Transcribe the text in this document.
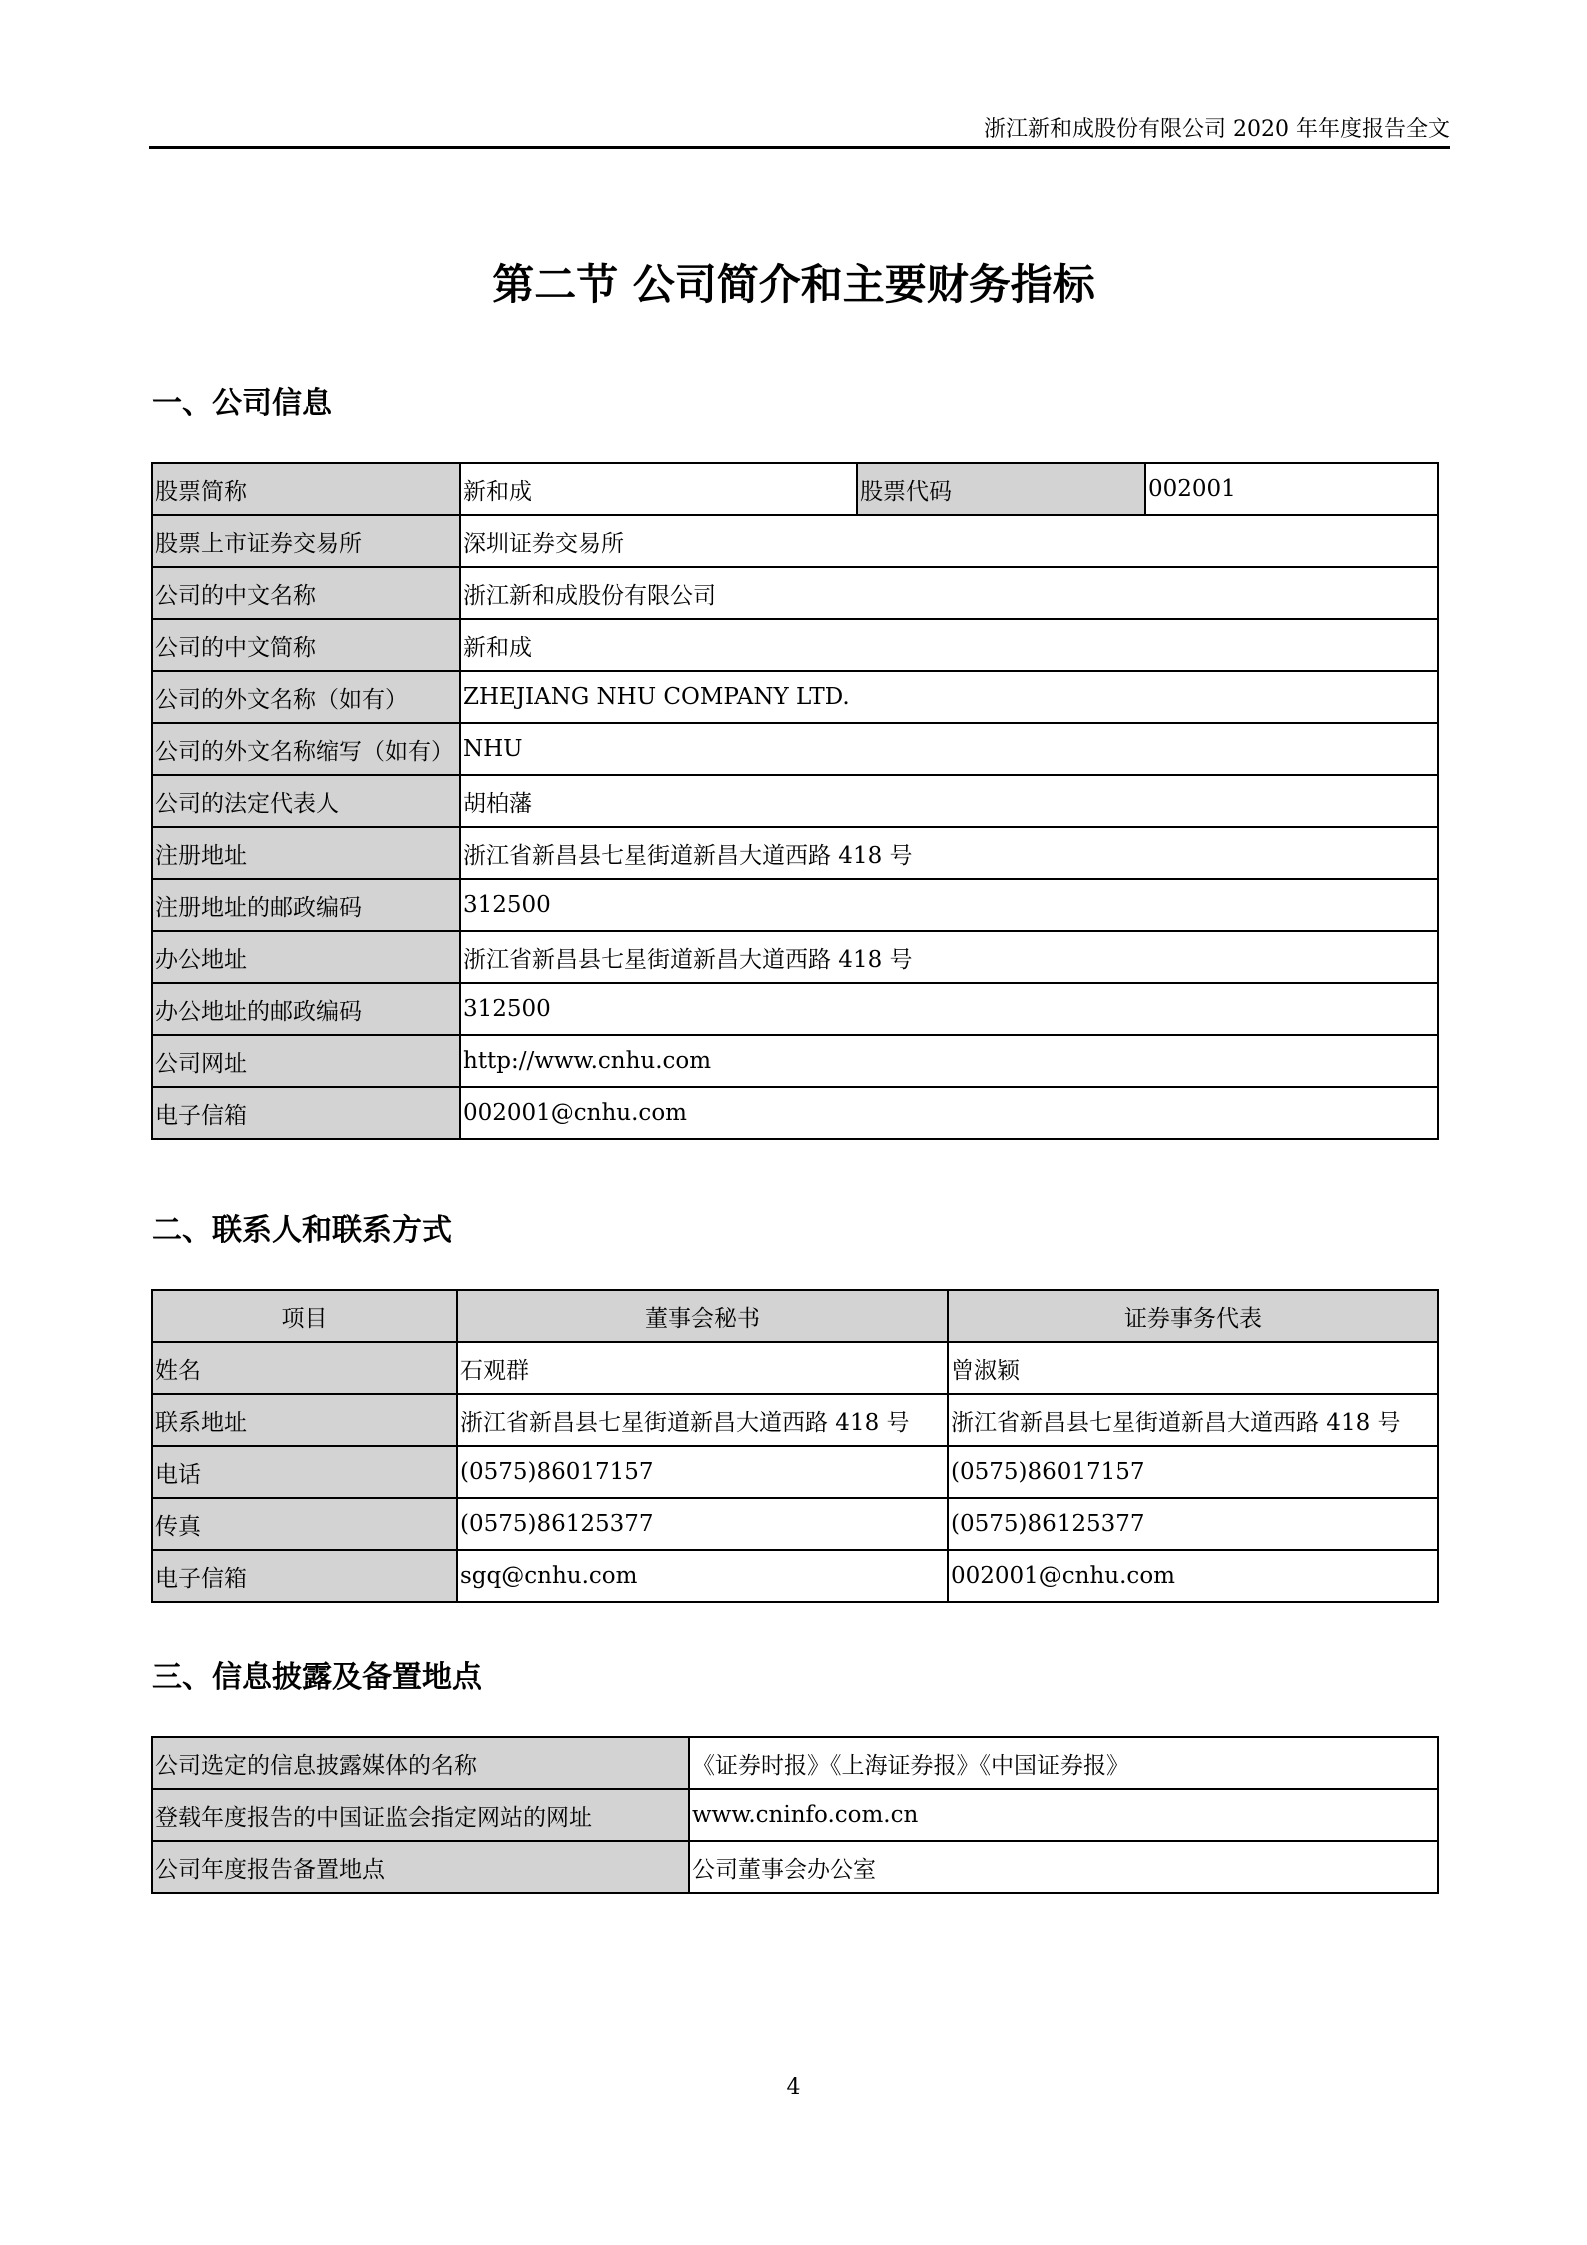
浙江新和成股份有限公司 2020 年年度报告全文
第二节 公司简介和主要财务指标
一、公司信息
股票简称	新和成	股票代码	002001
股票上市证券交易所	深圳证券交易所		
公司的中文名称	浙江新和成股份有限公司		
公司的中文简称	新和成		
公司的外文名称（如有）	ZHEJIANG NHU COMPANY LTD.		
公司的外文名称缩写（如有）	NHU		
公司的法定代表人	胡柏藩		
注册地址	浙江省新昌县七星街道新昌大道西路 418 号		
注册地址的邮政编码	312500		
办公地址	浙江省新昌县七星街道新昌大道西路 418 号		
办公地址的邮政编码	312500		
公司网址	http://www.cnhu.com		
电子信箱	002001@cnhu.com		
二、联系人和联系方式
项目	董事会秘书	证券事务代表
姓名	石观群	曾淑颖
联系地址	浙江省新昌县七星街道新昌大道西路 418 号	浙江省新昌县七星街道新昌大道西路 418 号
电话	(0575)86017157	(0575)86017157
传真	(0575)86125377	(0575)86125377
电子信箱	sgq@cnhu.com	002001@cnhu.com
三、信息披露及备置地点
公司选定的信息披露媒体的名称	《证券时报》《上海证券报》《中国证券报》
登载年度报告的中国证监会指定网站的网址	www.cninfo.com.cn
公司年度报告备置地点	公司董事会办公室
4
